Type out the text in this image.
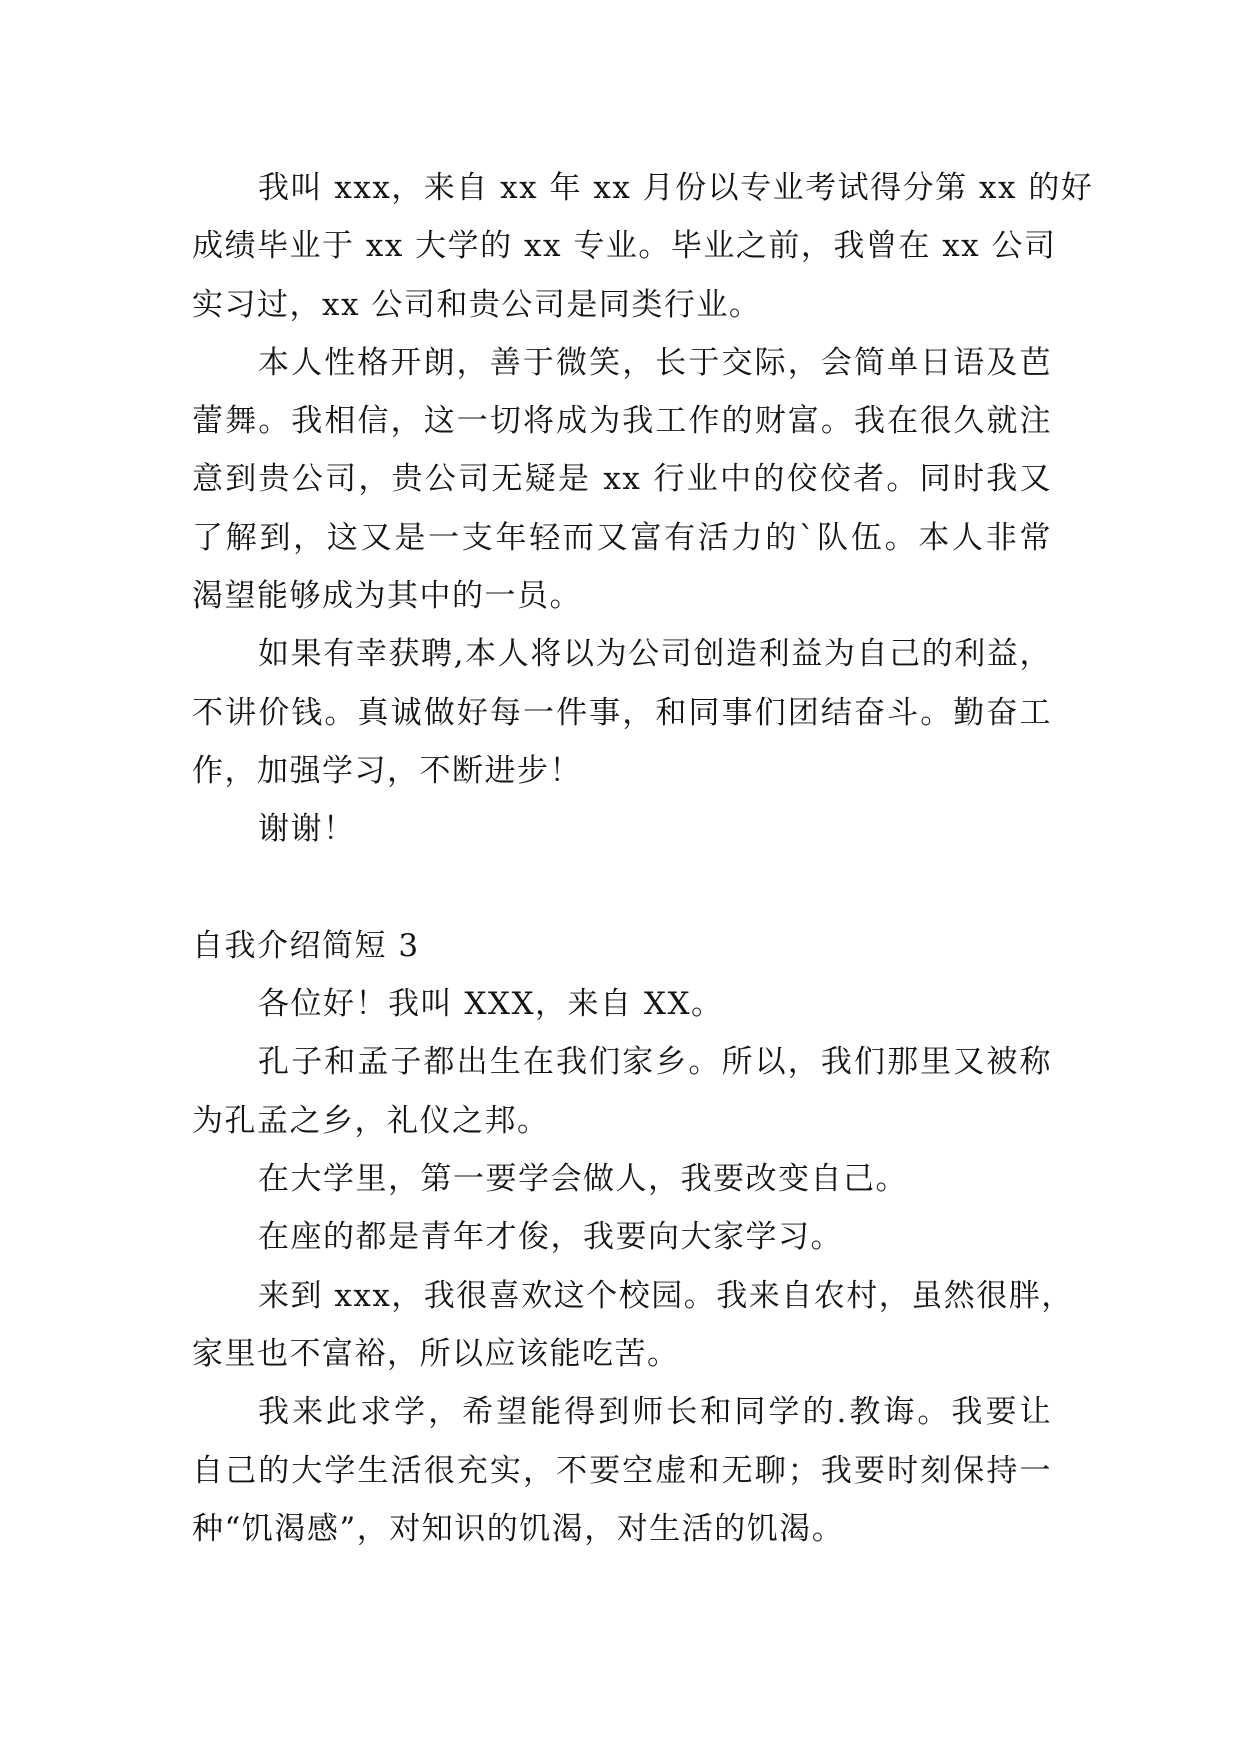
我叫 xxx，来自 xx 年 xx 月份以专业考试得分第 xx 的好
成绩毕业于 xx 大学的 xx 专业。毕业之前，我曾在 xx 公司
实习过，xx 公司和贵公司是同类行业。
本人性格开朗，善于微笑，长于交际，会简单日语及芭
蕾舞。我相信，这一切将成为我工作的财富。我在很久就注
意到贵公司，贵公司无疑是 xx 行业中的佼佼者。同时我又
了解到，这又是一支年轻而又富有活力的`队伍。本人非常
渴望能够成为其中的一员。
如果有幸获聘,本人将以为公司创造利益为自己的利益，
不讲价钱。真诚做好每一件事，和同事们团结奋斗。勤奋工
作，加强学习，不断进步！
谢谢！
自我介绍简短 3
各位好！我叫 XXX，来自 XX。
孔子和孟子都出生在我们家乡。所以，我们那里又被称
为孔孟之乡，礼仪之邦。
在大学里，第一要学会做人，我要改变自己。
在座的都是青年才俊，我要向大家学习。
来到 xxx，我很喜欢这个校园。我来自农村，虽然很胖，
家里也不富裕，所以应该能吃苦。
我来此求学，希望能得到师长和同学的.教诲。我要让
自己的大学生活很充实，不要空虚和无聊；我要时刻保持一
种“饥渴感”，对知识的饥渴，对生活的饥渴。
